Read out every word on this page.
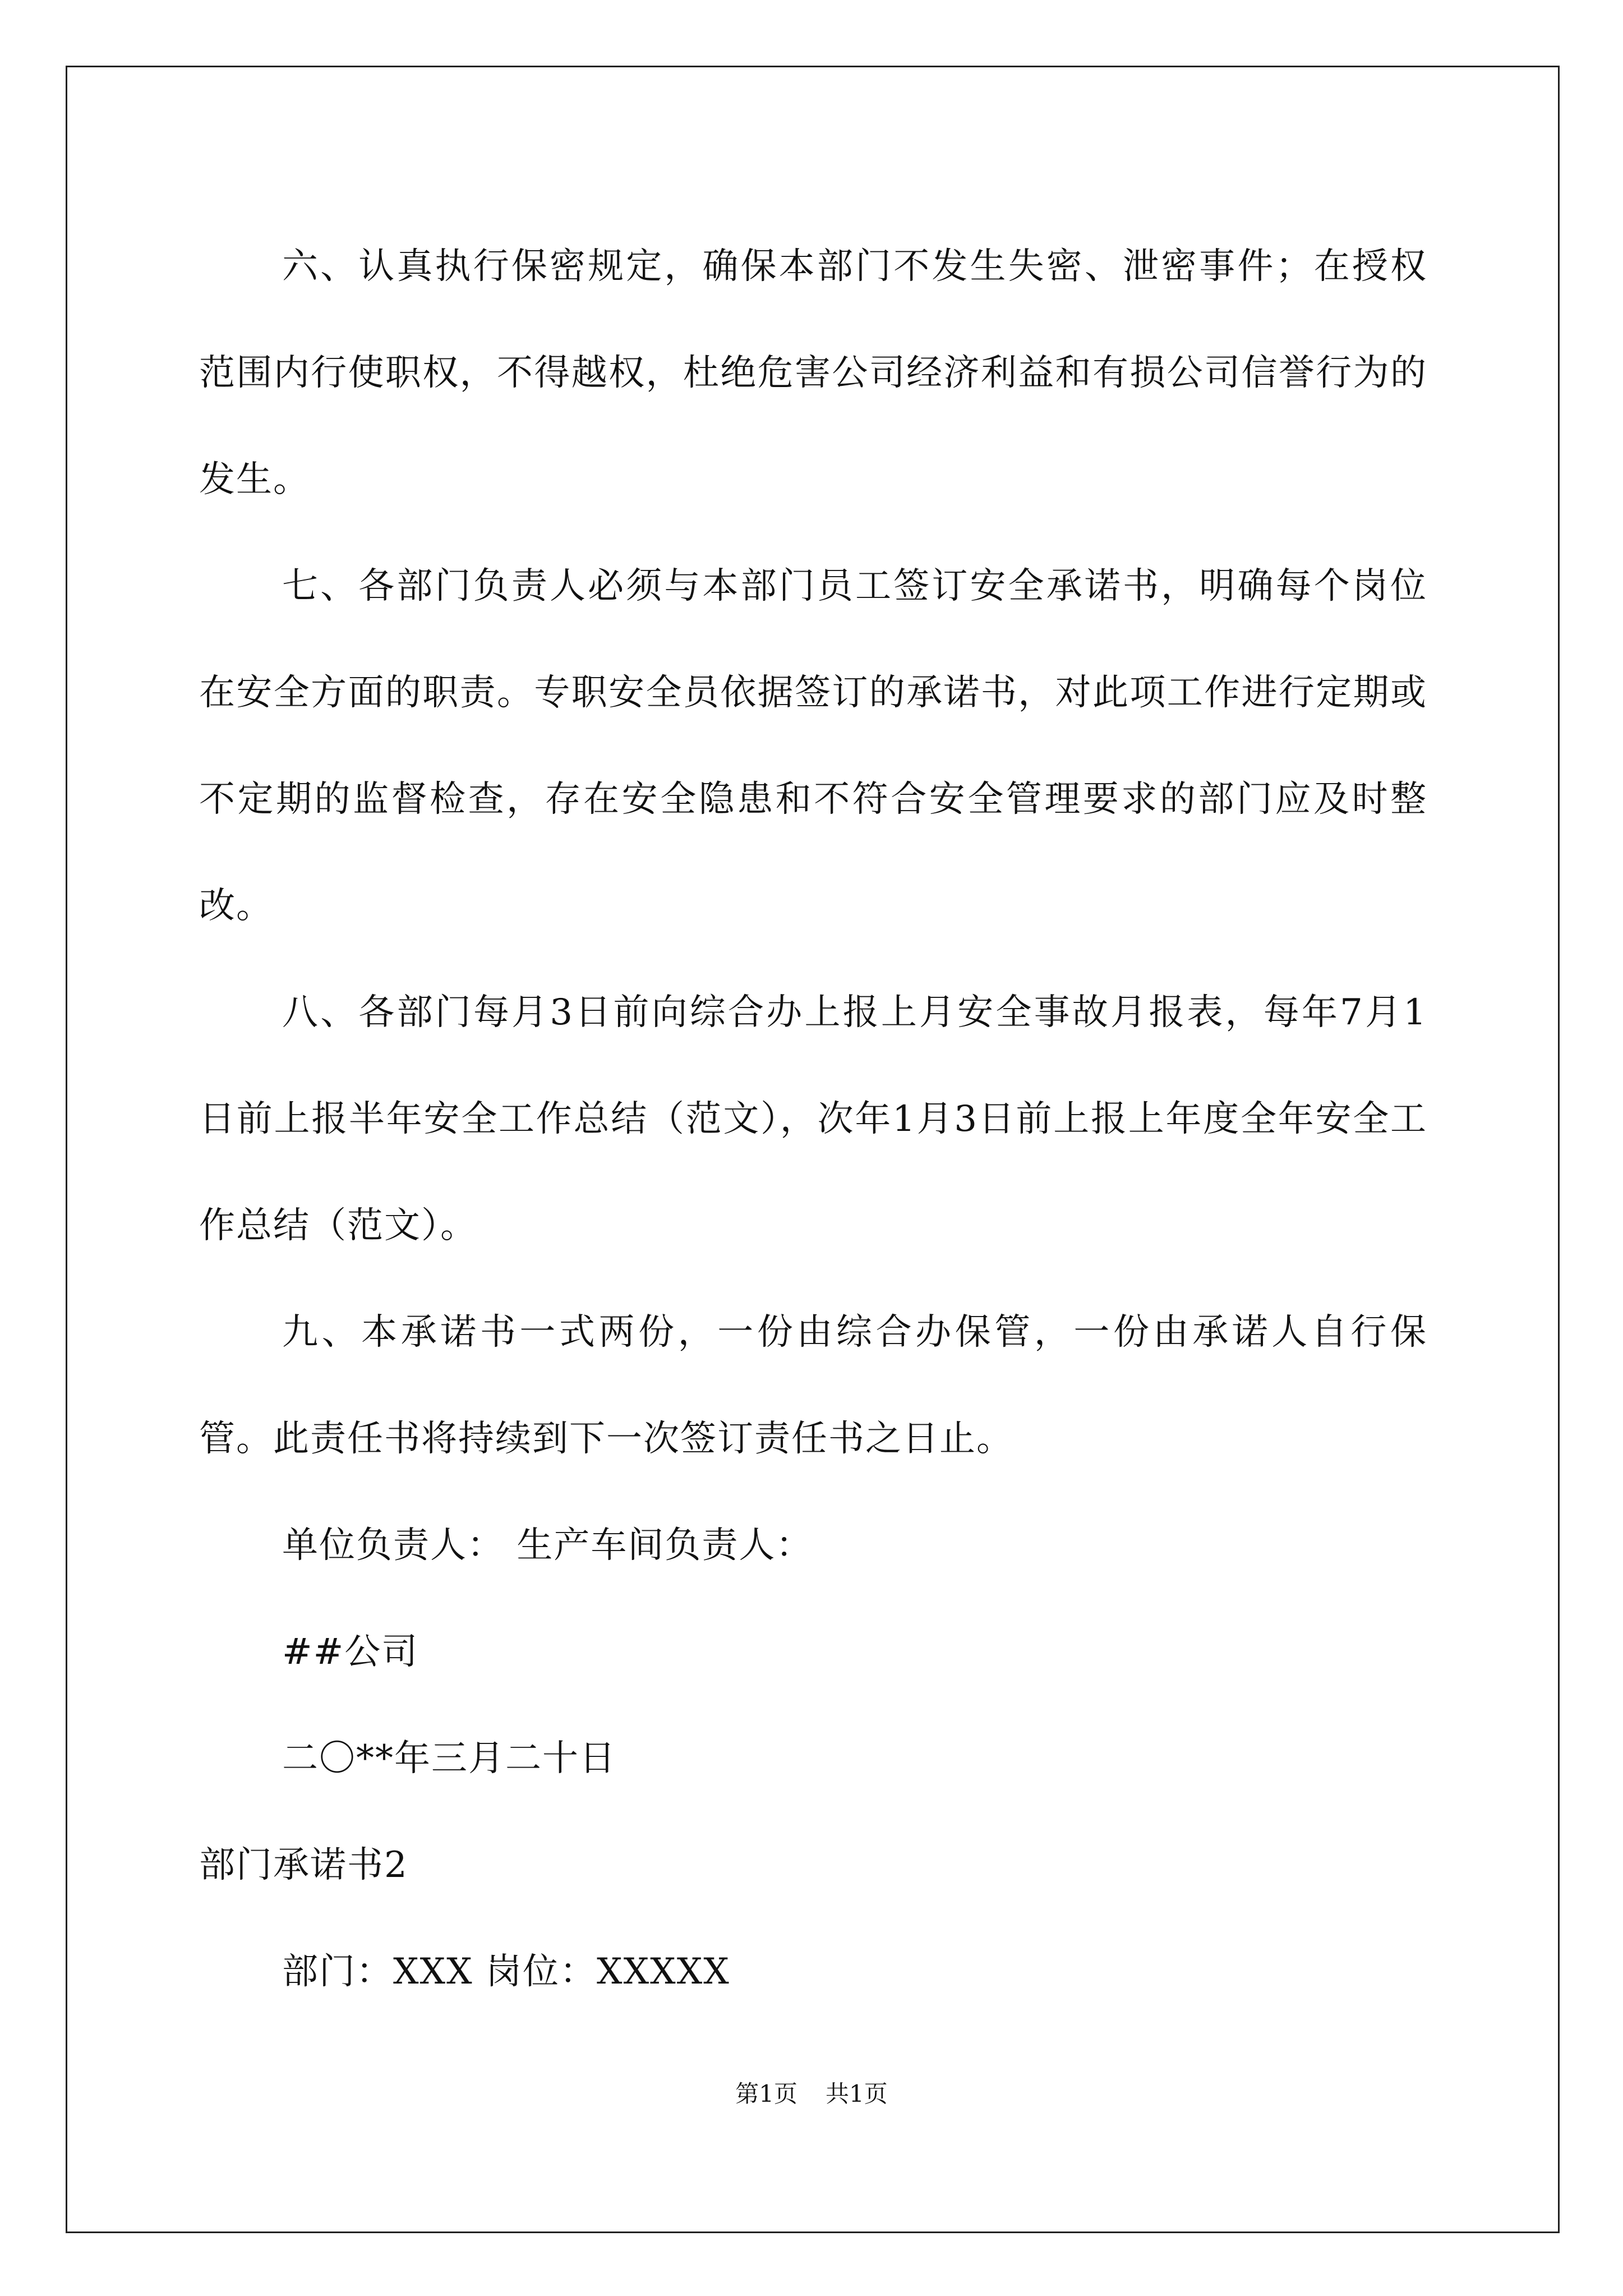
六、认真执行保密规定，确保本部门不发生失密、泄密事件；在授权范围内行使职权，不得越权，杜绝危害公司经济利益和有损公司信誉行为的发生。

七、各部门负责人必须与本部门员工签订安全承诺书，明确每个岗位在安全方面的职责。专职安全员依据签订的承诺书，对此项工作进行定期或不定期的监督检查，存在安全隐患和不符合安全管理要求的部门应及时整改。

八、各部门每月3日前向综合办上报上月安全事故月报表，每年7月1日前上报半年安全工作总结（范文），次年1月3日前上报上年度全年安全工作总结（范文）。

九、本承诺书一式两份，一份由综合办保管，一份由承诺人自行保管。此责任书将持续到下一次签订责任书之日止。

单位负责人： 生产车间负责人：

##公司

二〇**年三月二十日

部门承诺书2

部门：XXX 岗位：XXXXX

第1页 共1页
